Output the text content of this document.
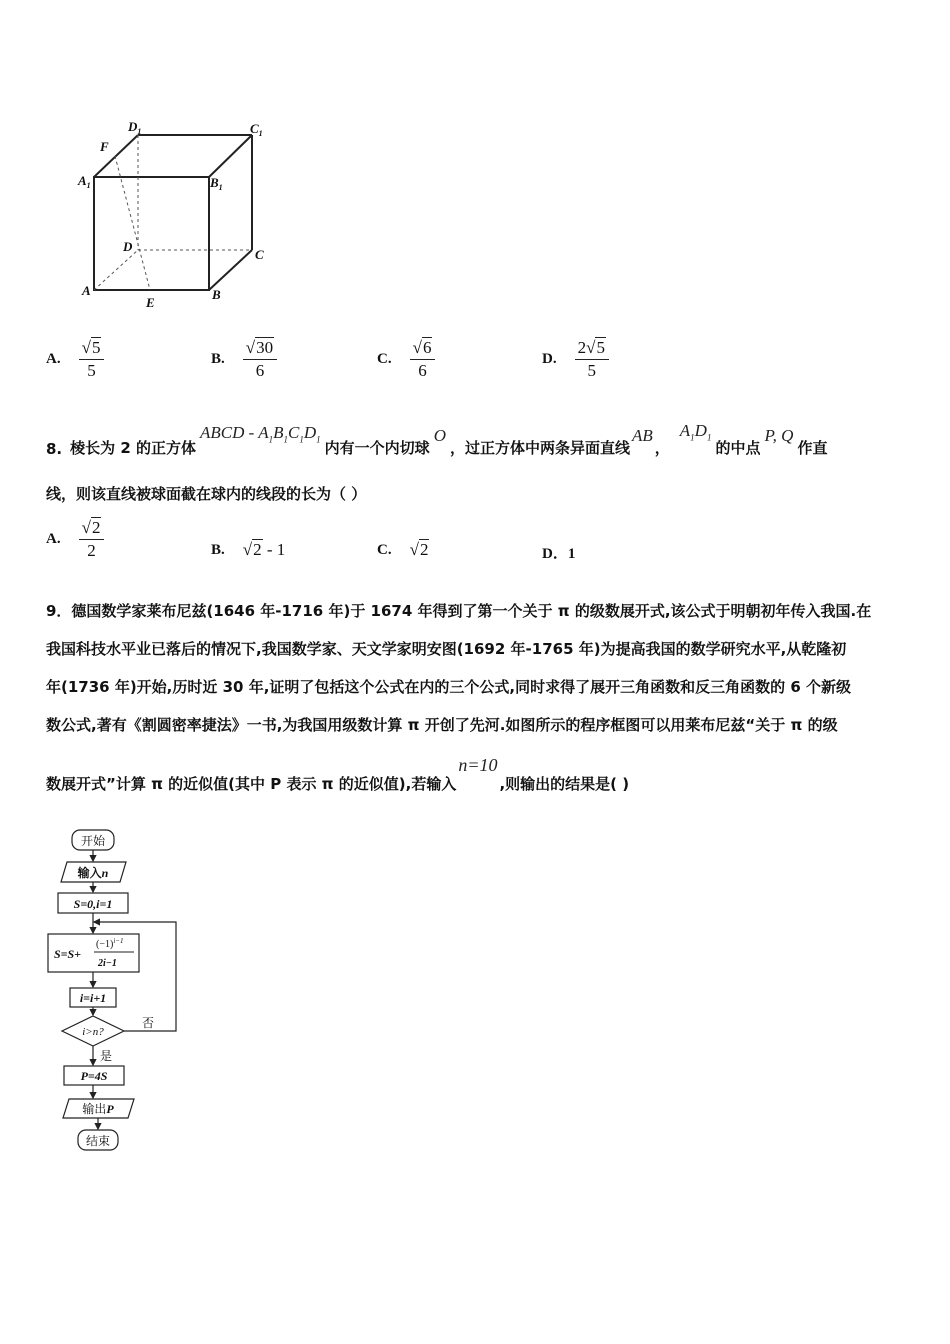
$D_1$	$C_1$
$A_1$	$B_1$
F
D
C
A
E
B
A. $\frac{√5}{5}$	B. $\frac{√30}{6}$	C. $\frac{√6}{6}$	D. $\frac{2√5}{5}$
8. 棱长为 2 的正方体
ABCD - $A_1B_1C_1D_1$ 内有一个内切球
O
，过正方体中两条异面直线
AB
，
$A_1D_1$
的中点
P, Q
作直
线，则该直线被球面截在球内的线段的长为（ ）
A. $\frac{√2}{2}$	B. √2 - 1	C. √2	D．1
9．德国数学家莱布尼兹(1646 年-1716 年)于 1674 年得到了第一个关于 π 的级数展开式,该公式于明朝初年传入我国.在
我国科技水平业已落后的情况下,我国数学家、天文学家明安图(1692 年-1765 年)为提高我国的数学研究水平,从乾隆初
年(1736 年)开始,历时近 30 年,证明了包括这个公式在内的三个公式,同时求得了展开三角函数和反三角函数的 6 个新级
数公式,著有《割圆密率捷法》一书,为我国用级数计算 π 开创了先河.如图所示的程序框图可以用莱布尼兹“关于 π 的级
数展开式”计算 π 的近似值(其中 P 表示 π 的近似值),若输入
n=10
,则输出的结果是( )
开始
输入n
S=0,i=1
S=S+
$(-1)^{i-1}$
2i−1
i=i+1
i>n?
否
是
P=4S
输出P
结束
